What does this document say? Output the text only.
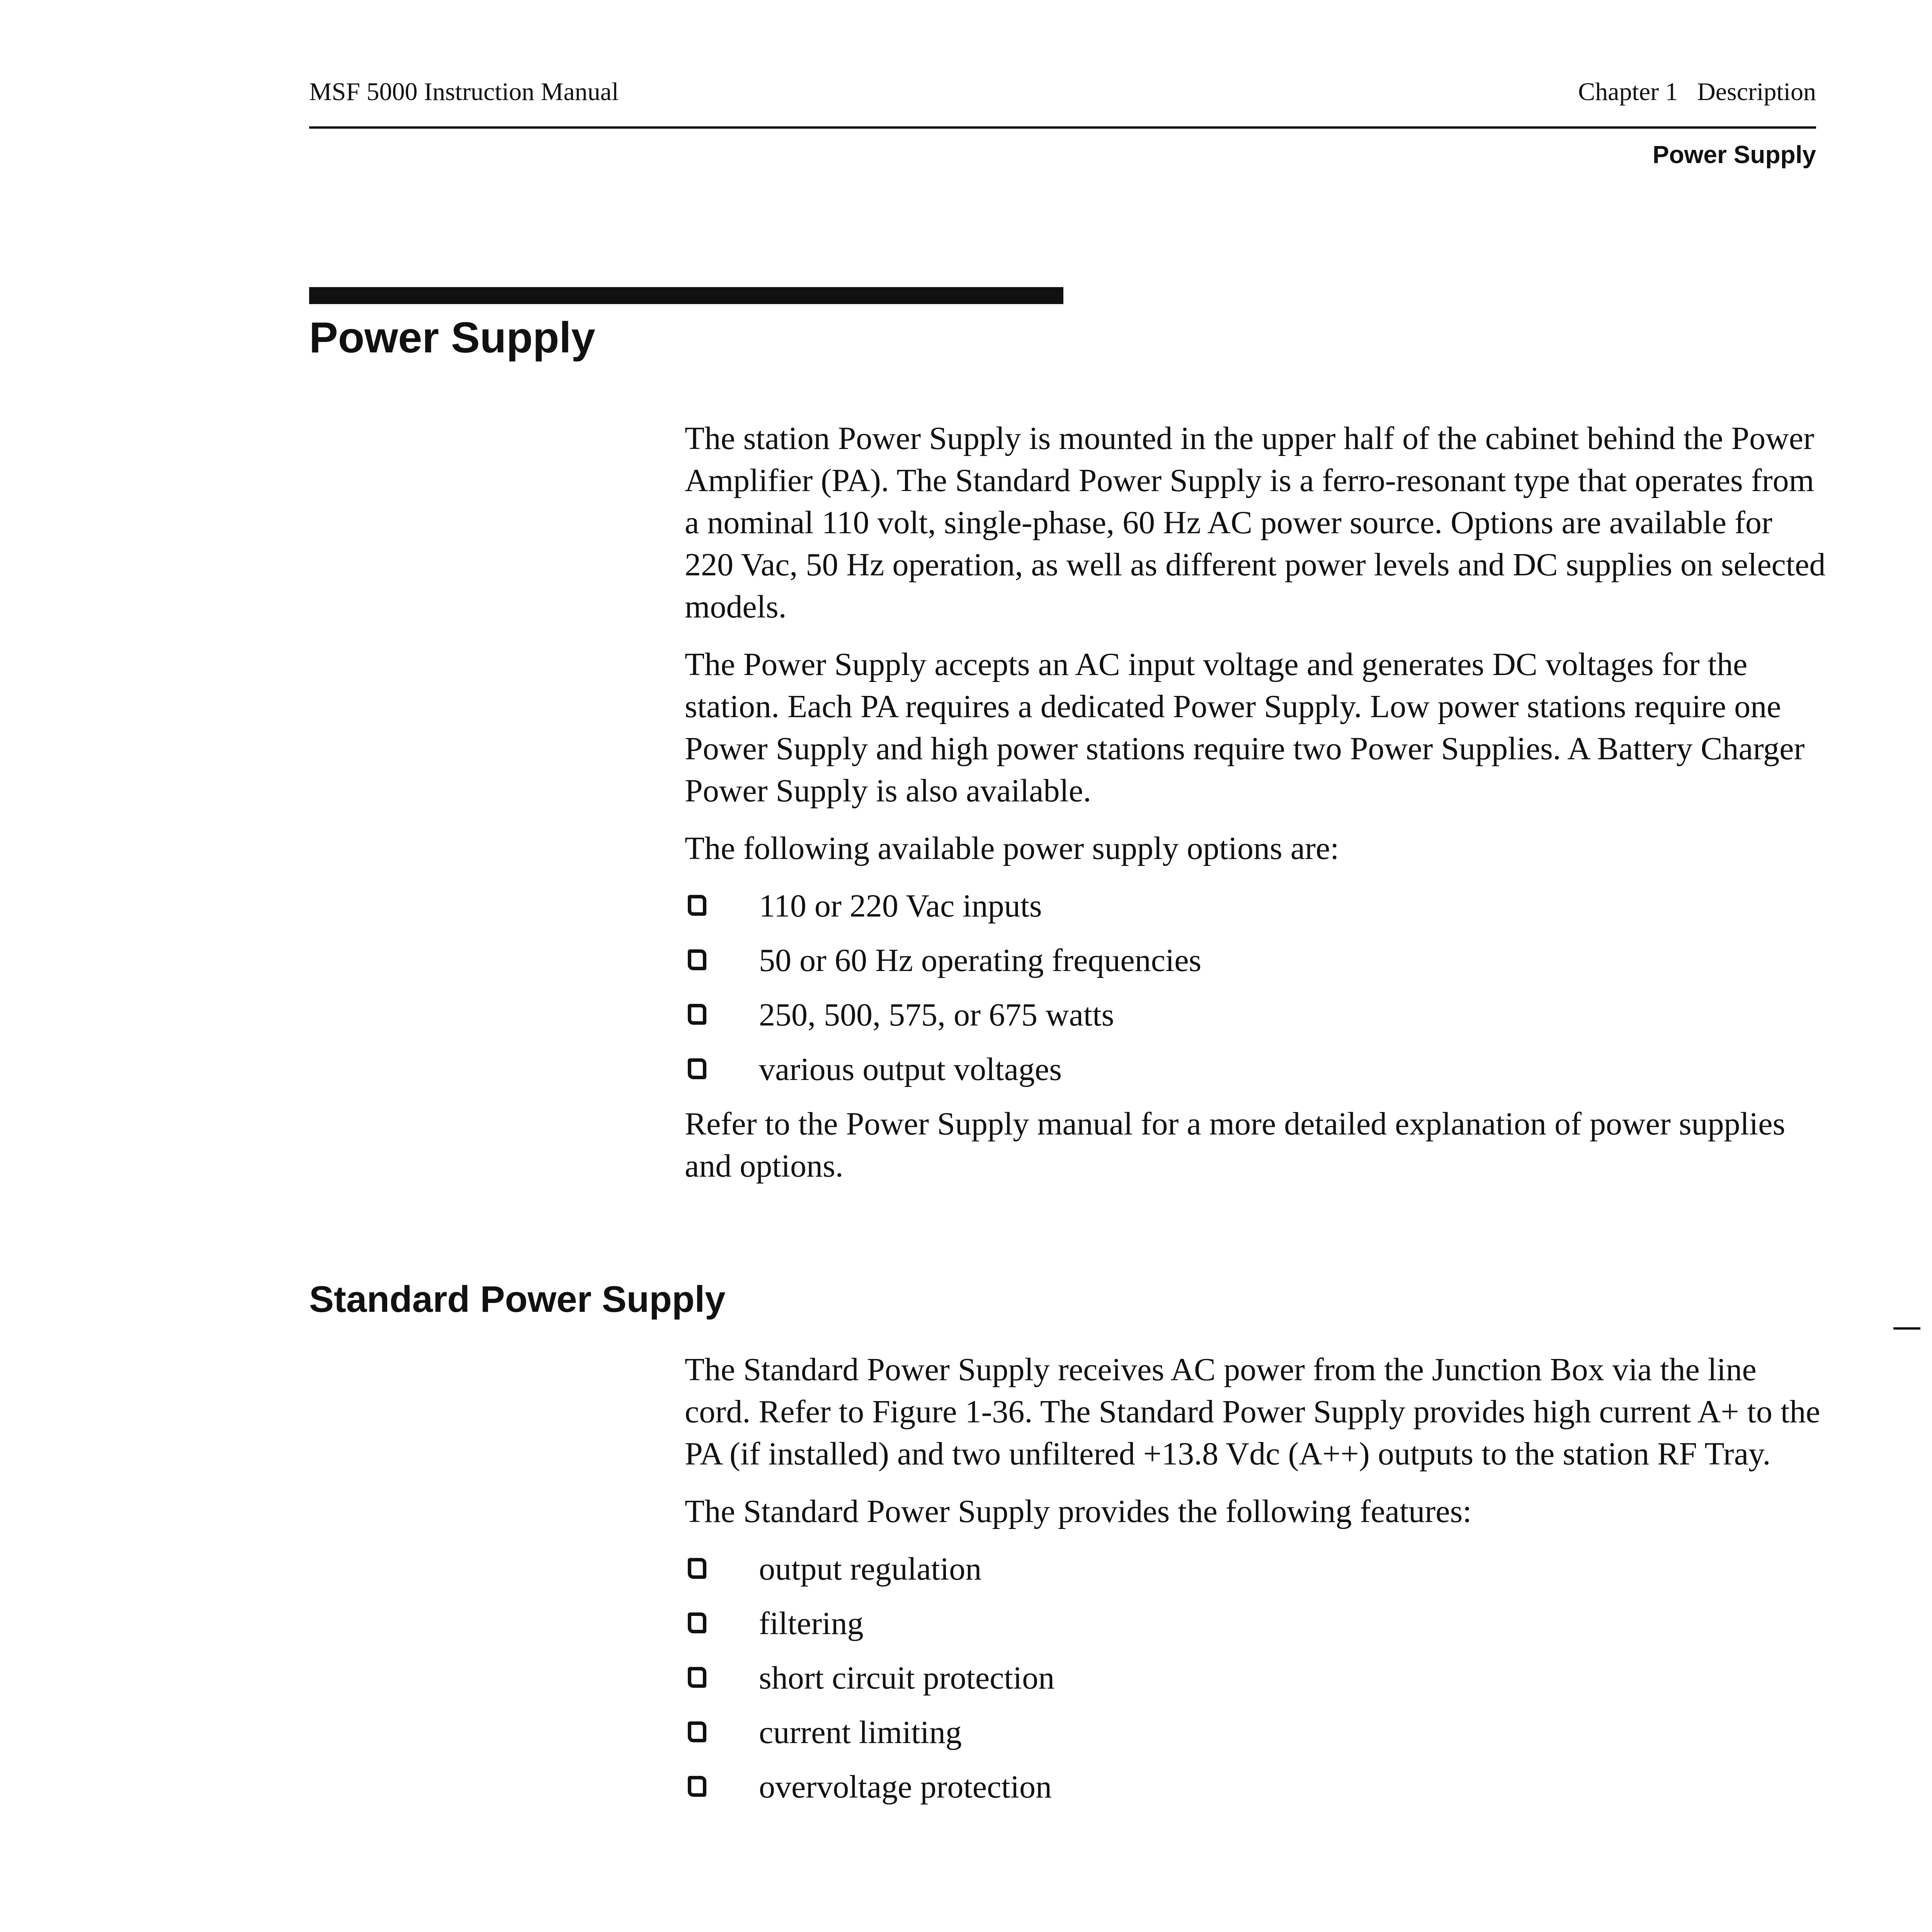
MSF 5000 Instruction Manual	Chapter 1 Description
Power Supply
Power Supply

The station Power Supply is mounted in the upper half of the cabinet behind the Power Amplifier (PA). The Standard Power Supply is a ferro-resonant type that operates from a nominal 110 volt, single-phase, 60 Hz AC power source. Options are available for 220 Vac, 50 Hz operation, as well as different power levels and DC supplies on selected models.

The Power Supply accepts an AC input voltage and generates DC voltages for the station. Each PA requires a dedicated Power Supply. Low power stations require one Power Supply and high power stations require two Power Supplies. A Battery Charger Power Supply is also available.

The following available power supply options are:

110 or 220 Vac inputs
50 or 60 Hz operating frequencies
250, 500, 575, or 675 watts
various output voltages

Refer to the Power Supply manual for a more detailed explanation of power supplies and options.

Standard Power Supply

The Standard Power Supply receives AC power from the Junction Box via the line cord. Refer to Figure 1-36. The Standard Power Supply provides high current A+ to the PA (if installed) and two unfiltered +13.8 Vdc (A++) outputs to the station RF Tray.

The Standard Power Supply provides the following features:

output regulation
filtering
short circuit protection
current limiting
overvoltage protection
